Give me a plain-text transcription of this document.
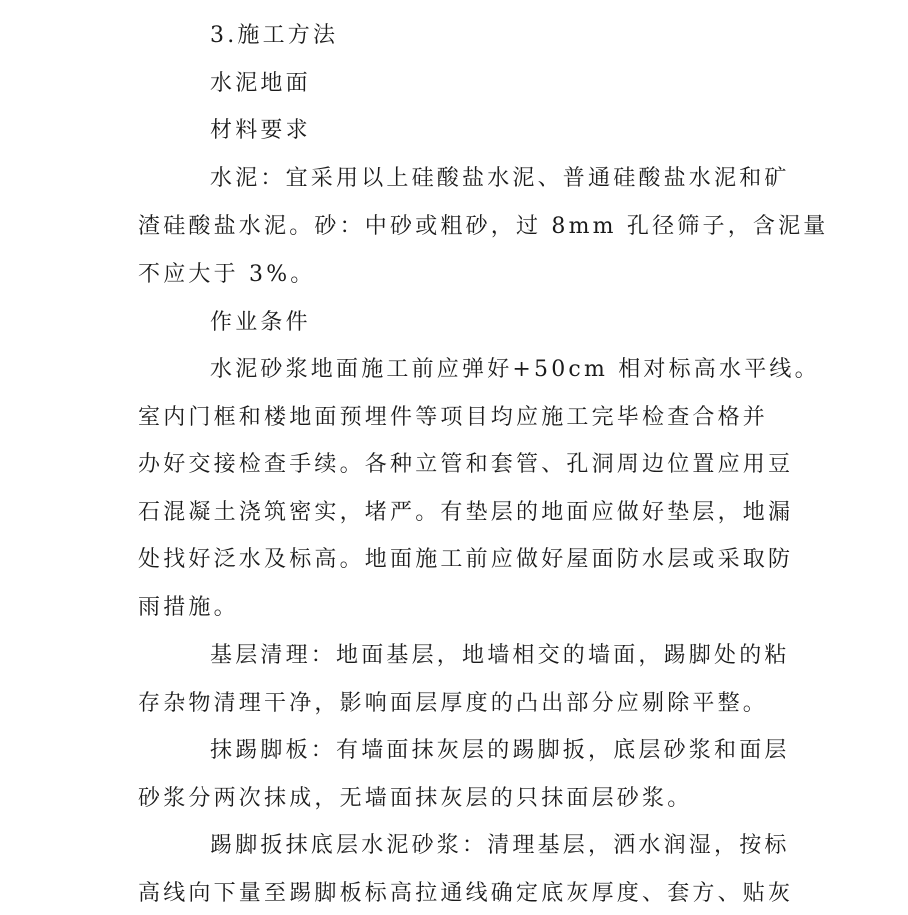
3.施工方法
水泥地面
材料要求
水泥：宜采用以上硅酸盐水泥、普通硅酸盐水泥和矿
渣硅酸盐水泥。砂：中砂或粗砂，过 8mm 孔径筛子，含泥量
不应大于 3%。
作业条件
水泥砂浆地面施工前应弹好+50cm 相对标高水平线。
室内门框和楼地面预埋件等项目均应施工完毕检查合格并
办好交接检查手续。各种立管和套管、孔洞周边位置应用豆
石混凝土浇筑密实，堵严。有垫层的地面应做好垫层，地漏
处找好泛水及标高。地面施工前应做好屋面防水层或采取防
雨措施。
基层清理：地面基层，地墙相交的墙面，踢脚处的粘
存杂物清理干净，影响面层厚度的凸出部分应剔除平整。
抹踢脚板：有墙面抹灰层的踢脚扳，底层砂浆和面层
砂浆分两次抹成，无墙面抹灰层的只抹面层砂浆。
踢脚扳抹底层水泥砂浆：清理基层，洒水润湿，按标
高线向下量至踢脚板标高拉通线确定底灰厚度、套方、贴灰
